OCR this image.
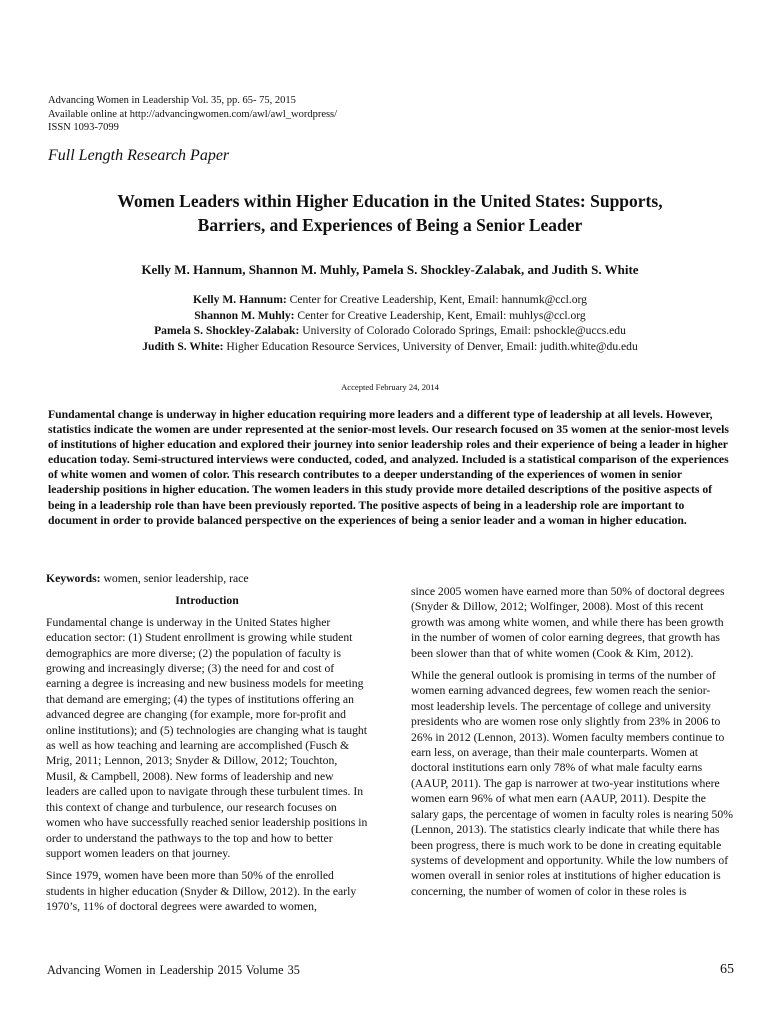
Advancing Women in Leadership Vol. 35, pp. 65- 75, 2015
Available online at http://advancingwomen.com/awl/awl_wordpress/
ISSN 1093-7099
Full Length Research Paper
Women Leaders within Higher Education in the United States: Supports,
Barriers, and Experiences of Being a Senior Leader
Kelly M. Hannum, Shannon M. Muhly, Pamela S. Shockley-Zalabak, and Judith S. White
Kelly M. Hannum: Center for Creative Leadership, Kent, Email: hannumk@ccl.org
Shannon M. Muhly: Center for Creative Leadership, Kent, Email: muhlys@ccl.org
Pamela S. Shockley-Zalabak: University of Colorado Colorado Springs, Email: pshockle@uccs.edu
Judith S. White: Higher Education Resource Services, University of Denver, Email: judith.white@du.edu
Accepted February 24, 2014
Fundamental change is underway in higher education requiring more leaders and a different type of leadership at all levels. However, statistics indicate the women are under represented at the senior-most levels. Our research focused on 35 women at the senior-most levels of institutions of higher education and explored their journey into senior leadership roles and their experience of being a leader in higher education today. Semi-structured interviews were conducted, coded, and analyzed. Included is a statistical comparison of the experiences of white women and women of color. This research contributes to a deeper understanding of the experiences of women in senior leadership positions in higher education. The women leaders in this study provide more detailed descriptions of the positive aspects of being in a leadership role than have been previously reported. The positive aspects of being in a leadership role are important to document in order to provide balanced perspective on the experiences of being a senior leader and a woman in higher education.

Keywords: women, senior leadership, race

Introduction

Fundamental change is underway in the United States higher education sector: (1) Student enrollment is growing while student demographics are more diverse; (2) the population of faculty is growing and increasingly diverse; (3) the need for and cost of earning a degree is increasing and new business models for meeting that demand are emerging; (4) the types of institutions offering an advanced degree are changing (for example, more for-profit and online institutions); and (5) technologies are changing what is taught as well as how teaching and learning are accomplished (Fusch & Mrig, 2011; Lennon, 2013; Snyder & Dillow, 2012; Touchton, Musil, & Campbell, 2008). New forms of leadership and new leaders are called upon to navigate through these turbulent times. In this context of change and turbulence, our research focuses on women who have successfully reached senior leadership positions in order to understand the pathways to the top and how to better support women leaders on that journey.

Since 1979, women have been more than 50% of the enrolled students in higher education (Snyder & Dillow, 2012). In the early 1970’s, 11% of doctoral degrees were awarded to women,

since 2005 women have earned more than 50% of doctoral degrees (Snyder & Dillow, 2012; Wolfinger, 2008). Most of this recent growth was among white women, and while there has been growth in the number of women of color earning degrees, that growth has been slower than that of white women (Cook & Kim, 2012).

While the general outlook is promising in terms of the number of women earning advanced degrees, few women reach the senior-most leadership levels. The percentage of college and university presidents who are women rose only slightly from 23% in 2006 to 26% in 2012 (Lennon, 2013). Women faculty members continue to earn less, on average, than their male counterparts. Women at doctoral institutions earn only 78% of what male faculty earns (AAUP, 2011). The gap is narrower at two-year institutions where women earn 96% of what men earn (AAUP, 2011). Despite the salary gaps, the percentage of women in faculty roles is nearing 50% (Lennon, 2013). The statistics clearly indicate that while there has been progress, there is much work to be done in creating equitable systems of development and opportunity. While the low numbers of women overall in senior roles at institutions of higher education is concerning, the number of women of color in these roles is

Advancing Women in Leadership 2015 Volume 35	65
